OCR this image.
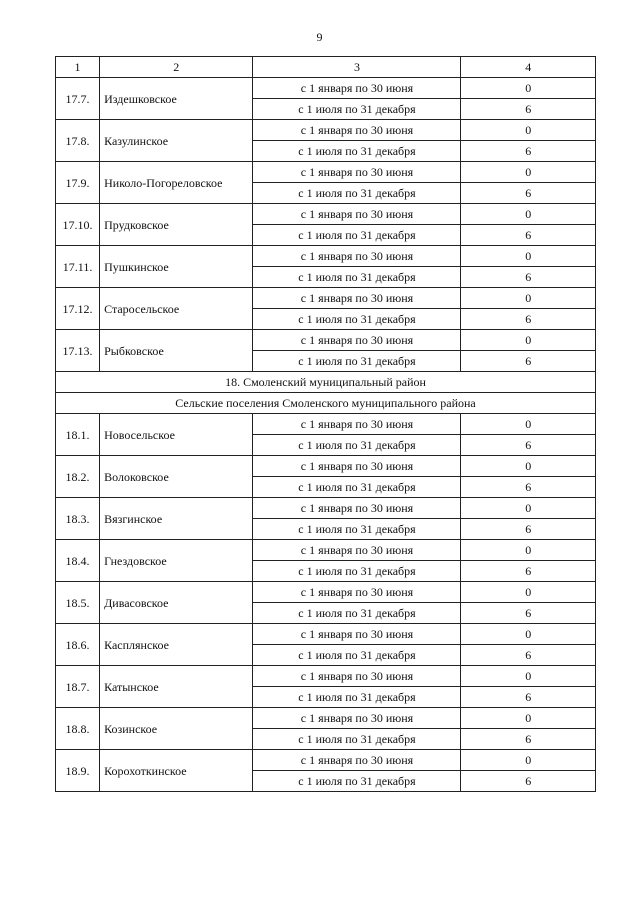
9
1	2	3	4
17.7.	Издешковское	с 1 января по 30 июня	0
		с 1 июля по 31 декабря	6
17.8.	Казулинское	с 1 января по 30 июня	0
		с 1 июля по 31 декабря	6
17.9.	Николо-Погореловское	с 1 января по 30 июня	0
		с 1 июля по 31 декабря	6
17.10.	Прудковское	с 1 января по 30 июня	0
		с 1 июля по 31 декабря	6
17.11.	Пушкинское	с 1 января по 30 июня	0
		с 1 июля по 31 декабря	6
17.12.	Старосельское	с 1 января по 30 июня	0
		с 1 июля по 31 декабря	6
17.13.	Рыбковское	с 1 января по 30 июня	0
		с 1 июля по 31 декабря	6
18. Смоленский муниципальный район			
Сельские поселения Смоленского муниципального района			
18.1.	Новосельское	с 1 января по 30 июня	0
		с 1 июля по 31 декабря	6
18.2.	Волоковское	с 1 января по 30 июня	0
		с 1 июля по 31 декабря	6
18.3.	Вязгинское	с 1 января по 30 июня	0
		с 1 июля по 31 декабря	6
18.4.	Гнездовское	с 1 января по 30 июня	0
		с 1 июля по 31 декабря	6
18.5.	Дивасовское	с 1 января по 30 июня	0
		с 1 июля по 31 декабря	6
18.6.	Касплянское	с 1 января по 30 июня	0
		с 1 июля по 31 декабря	6
18.7.	Катынское	с 1 января по 30 июня	0
		с 1 июля по 31 декабря	6
18.8.	Козинское	с 1 января по 30 июня	0
		с 1 июля по 31 декабря	6
18.9.	Корохоткинское	с 1 января по 30 июня	0
		с 1 июля по 31 декабря	6
